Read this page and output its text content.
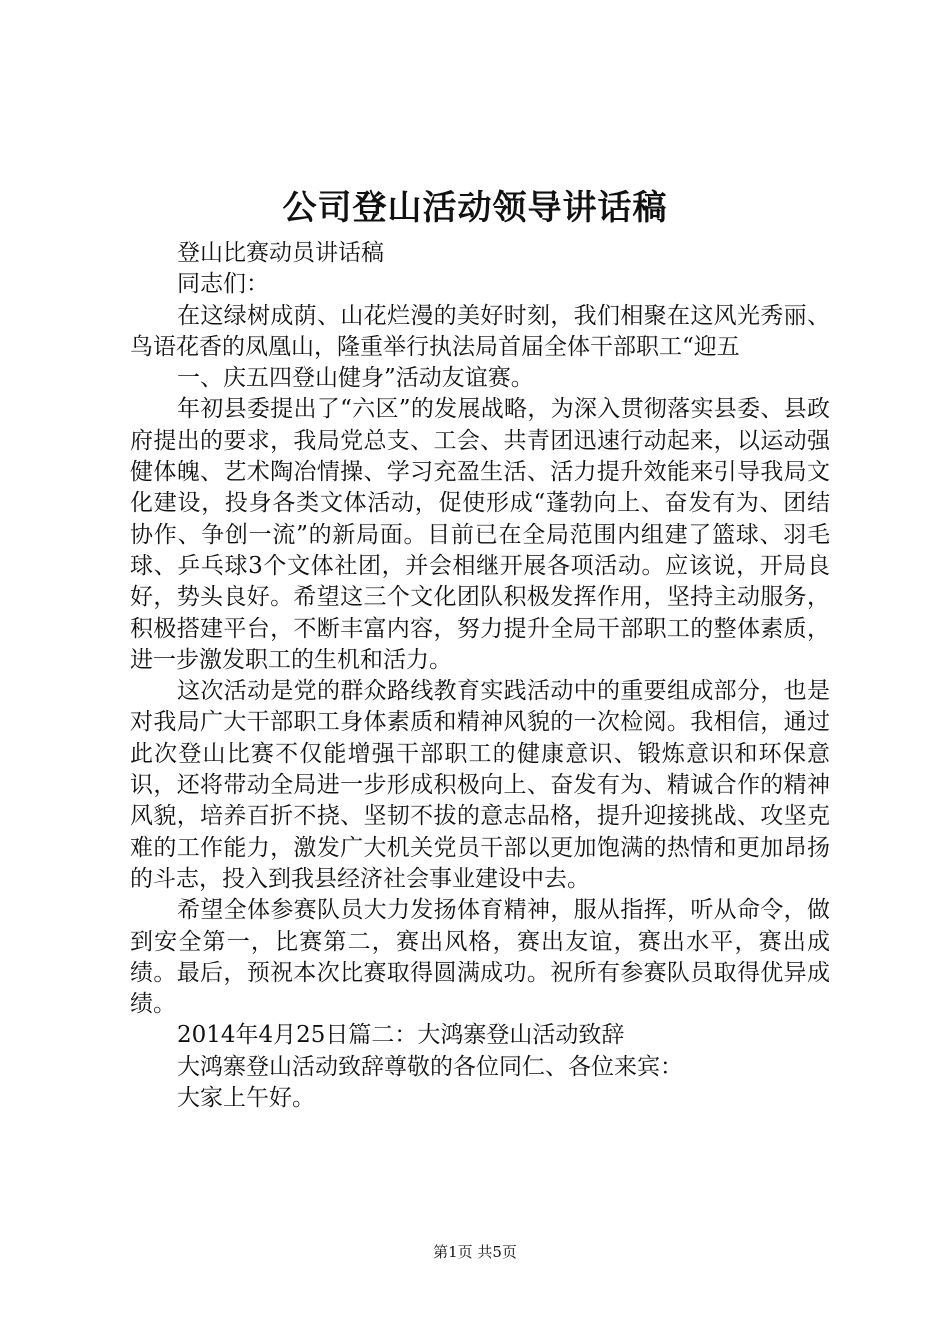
公司登山活动领导讲话稿

登山比赛动员讲话稿

同志们：

在这绿树成荫、山花烂漫的美好时刻，我们相聚在这风光秀丽、鸟语花香的凤凰山，隆重举行执法局首届全体干部职工“迎五

一、庆五四登山健身”活动友谊赛。

年初县委提出了“六区”的发展战略，为深入贯彻落实县委、县政府提出的要求，我局党总支、工会、共青团迅速行动起来，以运动强健体魄、艺术陶冶情操、学习充盈生活、活力提升效能来引导我局文化建设，投身各类文体活动，促使形成“蓬勃向上、奋发有为、团结协作、争创一流”的新局面。目前已在全局范围内组建了篮球、羽毛球、乒乓球3个文体社团，并会相继开展各项活动。应该说，开局良好，势头良好。希望这三个文化团队积极发挥作用，坚持主动服务，积极搭建平台，不断丰富内容，努力提升全局干部职工的整体素质，进一步激发职工的生机和活力。

这次活动是党的群众路线教育实践活动中的重要组成部分，也是对我局广大干部职工身体素质和精神风貌的一次检阅。我相信，通过此次登山比赛不仅能增强干部职工的健康意识、锻炼意识和环保意识，还将带动全局进一步形成积极向上、奋发有为、精诚合作的精神风貌，培养百折不挠、坚韧不拔的意志品格，提升迎接挑战、攻坚克难的工作能力，激发广大机关党员干部以更加饱满的热情和更加昂扬的斗志，投入到我县经济社会事业建设中去。

希望全体参赛队员大力发扬体育精神，服从指挥，听从命令，做到安全第一，比赛第二，赛出风格，赛出友谊，赛出水平，赛出成绩。最后，预祝本次比赛取得圆满成功。祝所有参赛队员取得优异成绩。

2014年4月25日篇二：大鸿寨登山活动致辞

大鸿寨登山活动致辞尊敬的各位同仁、各位来宾：

大家上午好。

第1页 共5页
